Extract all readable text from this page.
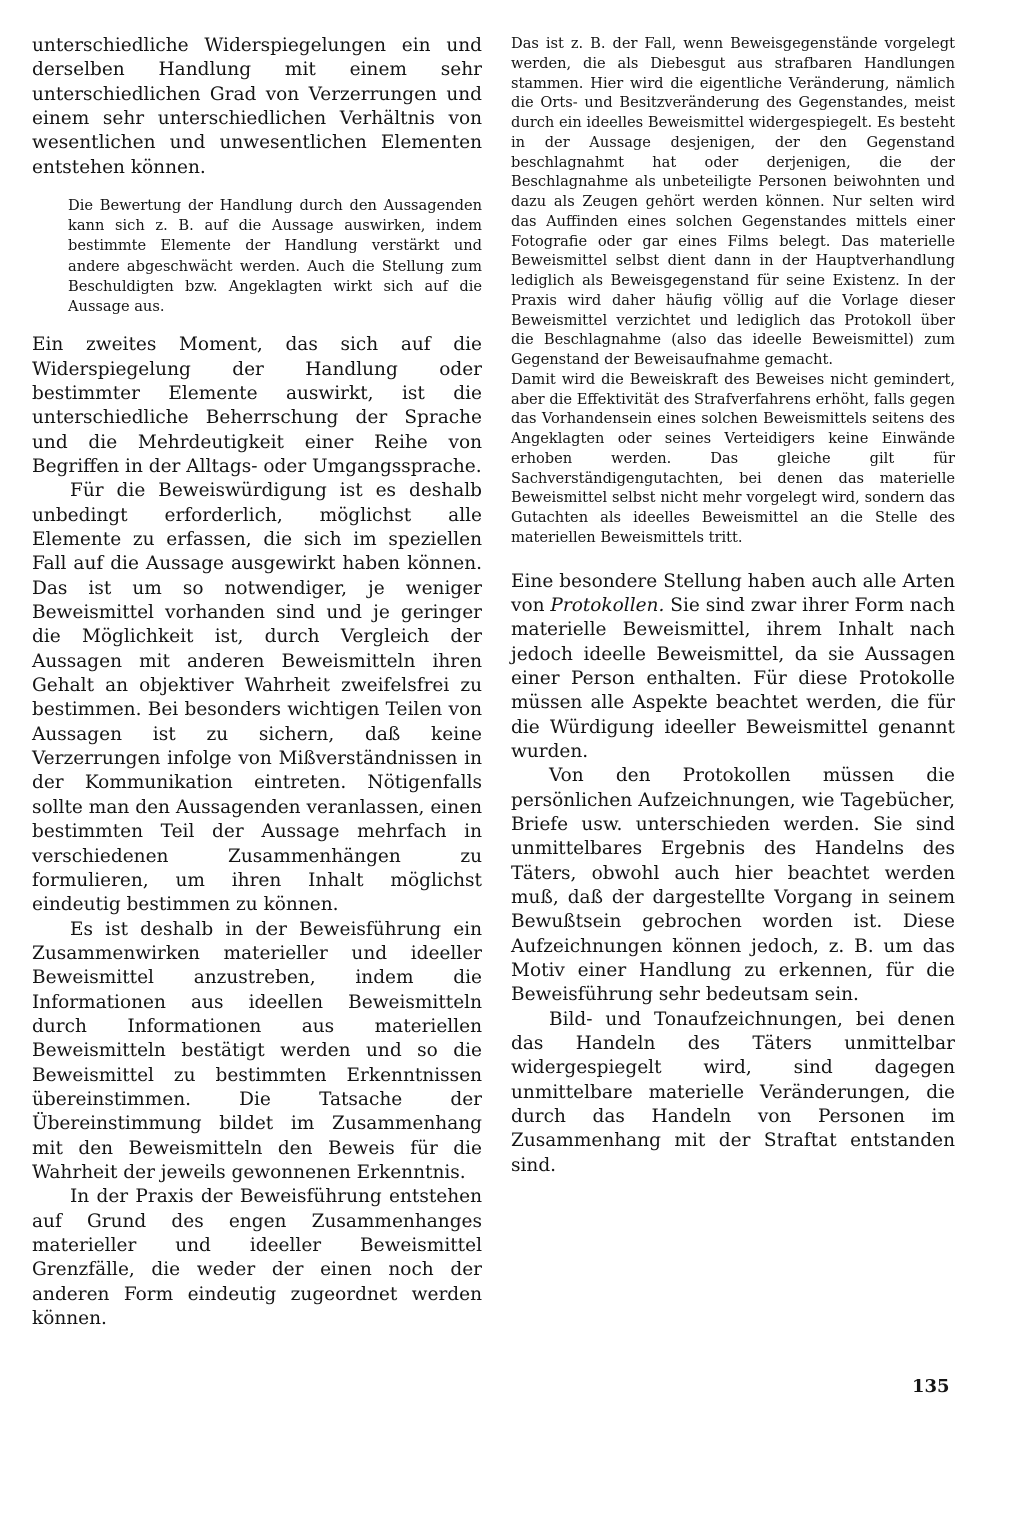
unterschiedliche Widerspiegelungen ein und derselben Handlung mit einem sehr unterschiedlichen Grad von Verzerrungen und einem sehr unterschiedlichen Verhältnis von wesentlichen und unwesentlichen Elementen entstehen können.

Die Bewertung der Handlung durch den Aussagenden kann sich z. B. auf die Aussage auswirken, indem bestimmte Elemente der Handlung verstärkt und andere abgeschwächt werden. Auch die Stellung zum Beschuldigten bzw. Angeklagten wirkt sich auf die Aussage aus.

Ein zweites Moment, das sich auf die Widerspiegelung der Handlung oder bestimmter Elemente auswirkt, ist die unterschiedliche Beherrschung der Sprache und die Mehrdeutigkeit einer Reihe von Begriffen in der Alltags- oder Umgangssprache.

Für die Beweiswürdigung ist es deshalb unbedingt erforderlich, möglichst alle Elemente zu erfassen, die sich im speziellen Fall auf die Aussage ausgewirkt haben können. Das ist um so notwendiger, je weniger Beweismittel vorhanden sind und je geringer die Möglichkeit ist, durch Vergleich der Aussagen mit anderen Beweismitteln ihren Gehalt an objektiver Wahrheit zweifelsfrei zu bestimmen. Bei besonders wichtigen Teilen von Aussagen ist zu sichern, daß keine Verzerrungen infolge von Mißverständnissen in der Kommunikation eintreten. Nötigenfalls sollte man den Aussagenden veranlassen, einen bestimmten Teil der Aussage mehrfach in verschiedenen Zusammenhängen zu formulieren, um ihren Inhalt möglichst eindeutig bestimmen zu können.

Es ist deshalb in der Beweisführung ein Zusammenwirken materieller und ideeller Beweismittel anzustreben, indem die Informationen aus ideellen Beweismitteln durch Informationen aus materiellen Beweismitteln bestätigt werden und so die Beweismittel zu bestimmten Erkenntnissen übereinstimmen. Die Tatsache der Übereinstimmung bildet im Zusammenhang mit den Beweismitteln den Beweis für die Wahrheit der jeweils gewonnenen Erkenntnis.

In der Praxis der Beweisführung entstehen auf Grund des engen Zusammenhanges materieller und ideeller Beweismittel Grenzfälle, die weder der einen noch der anderen Form eindeutig zugeordnet werden können.

Das ist z. B. der Fall, wenn Beweisgegenstände vorgelegt werden, die als Diebesgut aus strafbaren Handlungen stammen. Hier wird die eigentliche Veränderung, nämlich die Orts- und Besitzveränderung des Gegenstandes, meist durch ein ideelles Beweismittel widergespiegelt. Es besteht in der Aussage desjenigen, der den Gegenstand beschlagnahmt hat oder derjenigen, die der Beschlagnahme als unbeteiligte Personen beiwohnten und dazu als Zeugen gehört werden können. Nur selten wird das Auffinden eines solchen Gegenstandes mittels einer Fotografie oder gar eines Films belegt. Das materielle Beweismittel selbst dient dann in der Hauptverhandlung lediglich als Beweisgegenstand für seine Existenz. In der Praxis wird daher häufig völlig auf die Vorlage dieser Beweismittel verzichtet und lediglich das Protokoll über die Beschlagnahme (also das ideelle Beweismittel) zum Gegenstand der Beweisaufnahme gemacht.

Damit wird die Beweiskraft des Beweises nicht gemindert, aber die Effektivität des Strafverfahrens erhöht, falls gegen das Vorhandensein eines solchen Beweismittels seitens des Angeklagten oder seines Verteidigers keine Einwände erhoben werden. Das gleiche gilt für Sachverständigengutachten, bei denen das materielle Beweismittel selbst nicht mehr vorgelegt wird, sondern das Gutachten als ideelles Beweismittel an die Stelle des materiellen Beweismittels tritt.

Eine besondere Stellung haben auch alle Arten von Protokollen. Sie sind zwar ihrer Form nach materielle Beweismittel, ihrem Inhalt nach jedoch ideelle Beweismittel, da sie Aussagen einer Person enthalten. Für diese Protokolle müssen alle Aspekte beachtet werden, die für die Würdigung ideeller Beweismittel genannt wurden.

Von den Protokollen müssen die persönlichen Aufzeichnungen, wie Tagebücher, Briefe usw. unterschieden werden. Sie sind unmittelbares Ergebnis des Handelns des Täters, obwohl auch hier beachtet werden muß, daß der dargestellte Vorgang in seinem Bewußtsein gebrochen worden ist. Diese Aufzeichnungen können jedoch, z. B. um das Motiv einer Handlung zu erkennen, für die Beweisführung sehr bedeutsam sein.

Bild- und Tonaufzeichnungen, bei denen das Handeln des Täters unmittelbar widergespiegelt wird, sind dagegen unmittelbare materielle Veränderungen, die durch das Handeln von Personen im Zusammenhang mit der Straftat entstanden sind.

135
